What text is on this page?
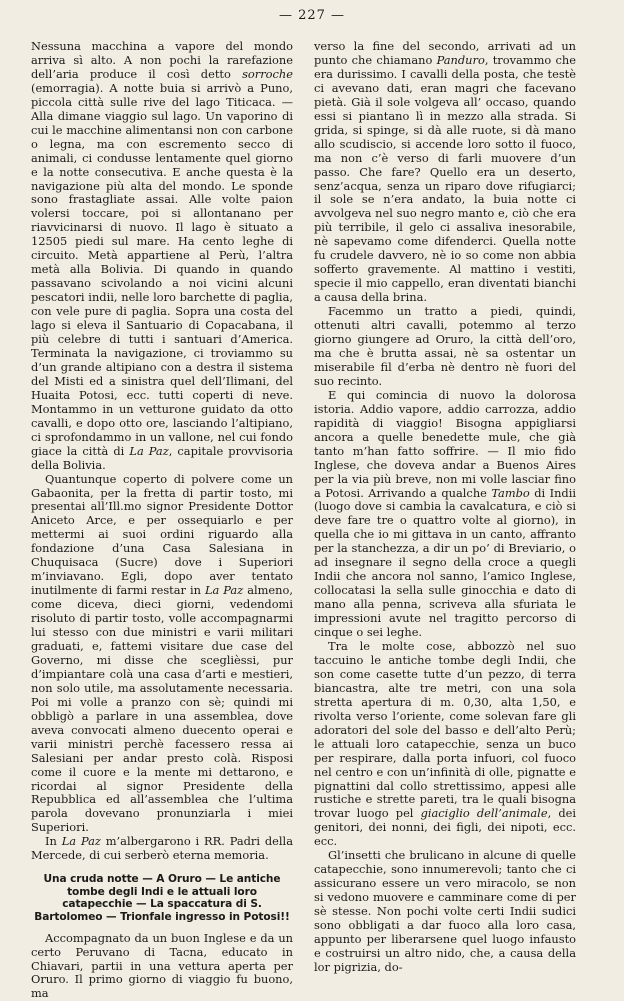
— 227 —

Nessuna macchina a vapore del mondo arriva sì alto. A non pochi la rarefazione dell’aria produce il così detto sorroche (emorragia). A notte buia si arrivò a Puno, piccola città sulle rive del lago Titicaca. — Alla dimane viaggio sul lago. Un vaporino di cui le macchine alimentansi non con carbone o legna, ma con escremento secco di animali, ci condusse lentamente quel giorno e la notte consecutiva. E anche questa è la navigazione più alta del mondo. Le sponde sono frastagliate assai. Alle volte paion volersi toccare, poi si allontanano per riavvicinarsi di nuovo. Il lago è situato a 12505 piedi sul mare. Ha cento leghe di circuito. Metà appartiene al Perù, l’altra metà alla Bolivia. Di quando in quando passavano scivolando a noi vicini alcuni pescatori indii, nelle loro barchette di paglia, con vele pure di paglia. Sopra una costa del lago si eleva il Santuario di Copacabana, il più celebre di tutti i santuari d’America. Terminata la navigazione, ci troviammo su d’un grande altipiano con a destra il sistema del Misti ed a sinistra quel dell’Ilimani, del Huaita Potosi, ecc. tutti coperti di neve. Montammo in un vetturone guidato da otto cavalli, e dopo otto ore, lasciando l’altipiano, ci sprofondammo in un vallone, nel cui fondo giace la città di La Paz, capitale provvisoria della Bolivia.

Quantunque coperto di polvere come un Gabaonita, per la fretta di partir tosto, mi presentai all’Ill.mo signor Presidente Dottor Aniceto Arce, e per ossequiarlo e per mettermi ai suoi ordini riguardo alla fondazione d’una Casa Salesiana in Chuquisaca (Sucre) dove i Superiori m’inviavano. Egli, dopo aver tentato inutilmente di farmi restar in La Paz almeno, come diceva, dieci giorni, vedendomi risoluto di partir tosto, volle accompagnarmi lui stesso con due ministri e varii militari graduati, e, fattemi visitare due case del Governo, mi disse che sceglièssi, pur d’impiantare colà una casa d’arti e mestieri, non solo utile, ma assolutamente necessaria. Poi mi volle a pranzo con sè; quindi mi obbligò a parlare in una assemblea, dove aveva convocati almeno duecento operai e varii ministri perchè facessero ressa ai Salesiani per andar presto colà. Risposi come il cuore e la mente mi dettarono, e ricordai al signor Presidente della Repubblica ed all’assemblea che l’ultima parola dovevano pronunziarla i miei Superiori.

In La Paz m’albergarono i RR. Padri della Mercede, di cui serberò eterna memoria.

Una cruda notte — A Oruro — Le antiche tombe degli Indi e le attuali loro catapecchie — La spaccatura di S. Bartolomeo — Trionfale ingresso in Potosi!!

Accompagnato da un buon Inglese e da un certo Peruvano di Tacna, educato in Chiavari, partii in una vettura aperta per Oruro. Il primo giorno di viaggio fu buono, ma

verso la fine del secondo, arrivati ad un punto che chiamano Panduro, trovammo che era durissimo. I cavalli della posta, che testè ci avevano dati, eran magri che facevano pietà. Già il sole volgeva all’ occaso, quando essi si piantano lì in mezzo alla strada. Si grida, si spinge, si dà alle ruote, si dà mano allo scudiscio, si accende loro sotto il fuoco, ma non c’è verso di farli muovere d’un passo. Che fare? Quello era un deserto, senz’acqua, senza un riparo dove rifugiarci; il sole se n’era andato, la buia notte ci avvolgeva nel suo negro manto e, ciò che era più terribile, il gelo ci assaliva inesorabile, nè sapevamo come difenderci. Quella notte fu crudele davvero, nè io so come non abbia sofferto gravemente. Al mattino i vestiti, specie il mio cappello, eran diventati bianchi a causa della brina.

Facemmo un tratto a piedi, quindi, ottenuti altri cavalli, potemmo al terzo giorno giungere ad Oruro, la città dell’oro, ma che è brutta assai, nè sa ostentar un miserabile fil d’erba nè dentro nè fuori del suo recinto.

E qui comincia di nuovo la dolorosa istoria. Addio vapore, addio carrozza, addio rapidità di viaggio! Bisogna appigliarsi ancora a quelle benedette mule, che già tanto m’han fatto soffrire. — Il mio fido Inglese, che doveva andar a Buenos Aires per la via più breve, non mi volle lasciar fino a Potosi. Arrivando a qualche Tambo di Indii (luogo dove si cambia la cavalcatura, e ciò si deve fare tre o quattro volte al giorno), in quella che io mi gittava in un canto, affranto per la stanchezza, a dir un po’ di Breviario, o ad insegnare il segno della croce a quegli Indii che ancora nol sanno, l’amico Inglese, collocatasi la sella sulle ginocchia e dato di mano alla penna, scriveva alla sfuriata le impressioni avute nel tragitto percorso di cinque o sei leghe.

Tra le molte cose, abbozzò nel suo taccuino le antiche tombe degli Indii, che son come casette tutte d’un pezzo, di terra biancastra, alte tre metri, con una sola stretta apertura di m. 0,30, alta 1,50, e rivolta verso l’oriente, come solevan fare gli adoratori del sole del basso e dell’alto Perù; le attuali loro catapecchie, senza un buco per respirare, dalla porta infuori, col fuoco nel centro e con un’infinità di olle, pignatte e pignattini dal collo strettissimo, appesi alle rustiche e strette pareti, tra le quali bisogna trovar luogo pel giaciglio dell’animale, dei genitori, dei nonni, dei figli, dei nipoti, ecc. ecc.

Gl’insetti che brulicano in alcune di quelle catapecchie, sono innumerevoli; tanto che ci assicurano essere un vero miracolo, se non si vedono muovere e camminare come di per sè stesse. Non pochi volte certi Indii sudici sono obbligati a dar fuoco alla loro casa, appunto per liberarsene quel luogo infausto e costruirsi un altro nido, che, a causa della lor pigrizia, do-
